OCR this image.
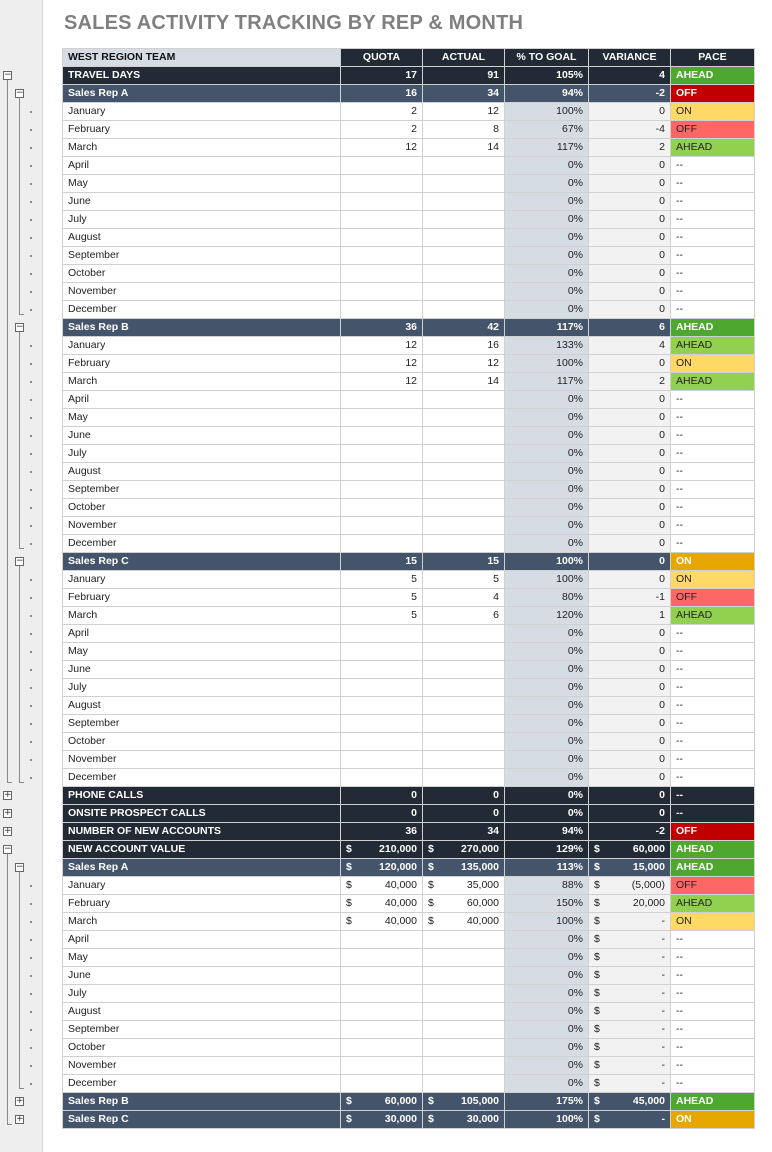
−
−
−
−
+
+
+
−
−
+
+
SALES ACTIVITY TRACKING BY REP & MONTH
WEST REGION TEAM	QUOTA	ACTUAL	% TO GOAL	VARIANCE	PACE
TRAVEL DAYS	17	91	105%	4	AHEAD
Sales Rep A	16	34	94%	-2	OFF
January	2	12	100%	0	ON
February	2	8	67%	-4	OFF
March	12	14	117%	2	AHEAD
April			0%	0	--
May			0%	0	--
June			0%	0	--
July			0%	0	--
August			0%	0	--
September			0%	0	--
October			0%	0	--
November			0%	0	--
December			0%	0	--
Sales Rep B	36	42	117%	6	AHEAD
January	12	16	133%	4	AHEAD
February	12	12	100%	0	ON
March	12	14	117%	2	AHEAD
April			0%	0	--
May			0%	0	--
June			0%	0	--
July			0%	0	--
August			0%	0	--
September			0%	0	--
October			0%	0	--
November			0%	0	--
December			0%	0	--
Sales Rep C	15	15	100%	0	ON
January	5	5	100%	0	ON
February	5	4	80%	-1	OFF
March	5	6	120%	1	AHEAD
April			0%	0	--
May			0%	0	--
June			0%	0	--
July			0%	0	--
August			0%	0	--
September			0%	0	--
October			0%	0	--
November			0%	0	--
December			0%	0	--
PHONE CALLS	0	0	0%	0	--
ONSITE PROSPECT CALLS	0	0	0%	0	--
NUMBER OF NEW ACCOUNTS	36	34	94%	-2	OFF
NEW ACCOUNT VALUE	$ 210,000	$ 270,000	129%	$ 60,000	AHEAD
Sales Rep A	$ 120,000	$ 135,000	113%	$ 15,000	AHEAD
January	$ 40,000	$ 35,000	88%	$ (5,000)	OFF
February	$ 40,000	$ 60,000	150%	$ 20,000	AHEAD
March	$ 40,000	$ 40,000	100%	$ -	ON
April			0%	$ -	--
May			0%	$ -	--
June			0%	$ -	--
July			0%	$ -	--
August			0%	$ -	--
September			0%	$ -	--
October			0%	$ -	--
November			0%	$ -	--
December			0%	$ -	--
Sales Rep B	$ 60,000	$ 105,000	175%	$ 45,000	AHEAD
Sales Rep C	$ 30,000	$ 30,000	100%	$ -	ON
